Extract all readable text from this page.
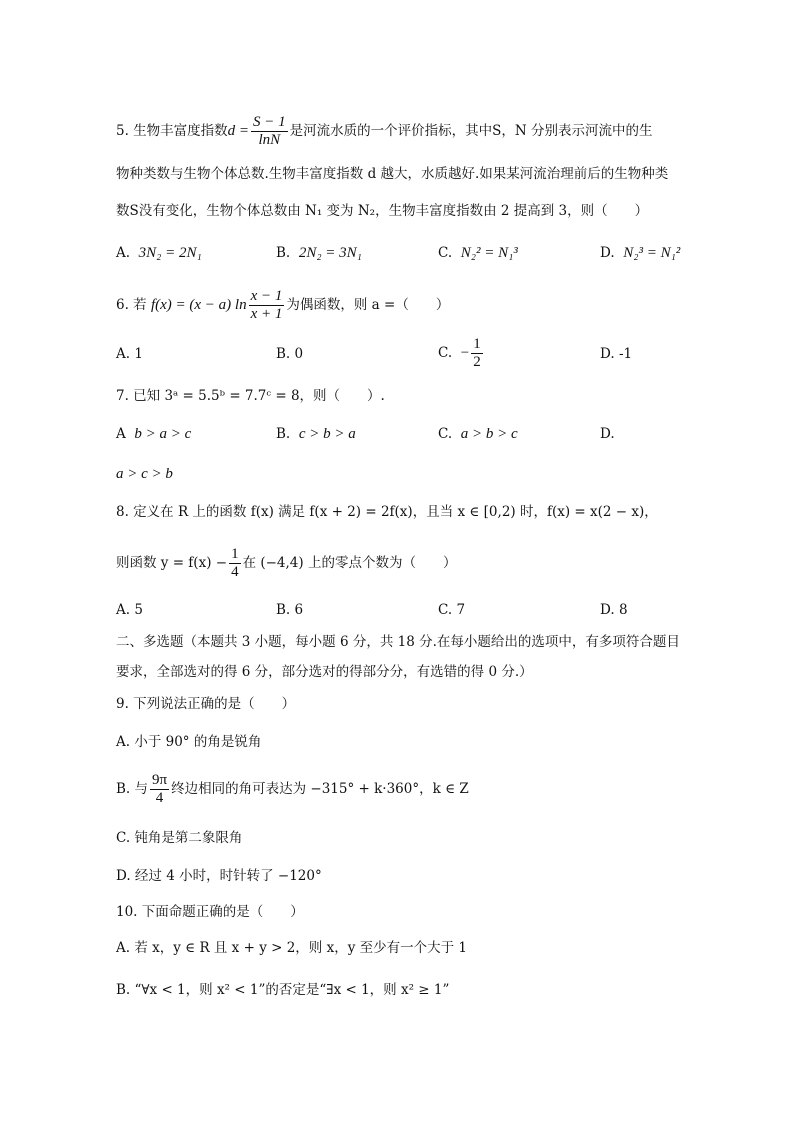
5. 生物丰富度指数$d = \frac{S - 1}{\ln N}$ 是河流水质的一个评价指标，其中S，N 分别表示河流中的生
物种类数与生物个体总数.生物丰富度指数 d 越大，水质越好.如果某河流治理前后的生物种类
数S没有变化，生物个体总数由 N₁ 变为 N₂，生物丰富度指数由 2 提高到 3，则（　　）
A. 3N₂ = 2N₁	B. 2N₂ = 3N₁	C. N₂² = N₁³	D. N₂³ = N₁²
6. 若 f(x) = (x − a) $\ln \frac{x - 1}{x + 1}$ 为偶函数，则 a =（　　）
A. 1	B. 0	C. − $\frac{1}{2}$	D. -1
7. 已知 3ᵃ = 5.5ᵇ = 7.7ᶜ = 8，则（　　）.
A b > a > c	B. c > b > a	C. a > b > c	D.
a > c > b
8. 定义在 R 上的函数 f(x) 满足 f(x + 2) = 2f(x)，且当 x ∈ [0,2) 时，f(x) = x(2 − x)，
则函数 $y = f(x) - \frac{1}{4}$ 在 (−4,4) 上的零点个数为（　　）
A. 5	B. 6	C. 7	D. 8
二、多选题（本题共 3 小题，每小题 6 分，共 18 分.在每小题给出的选项中，有多项符合题目
要求，全部选对的得 6 分，部分选对的得部分分，有选错的得 0 分.）
9. 下列说法正确的是（　　）
A. 小于 90° 的角是锐角
B. 与 $\frac{9\pi}{4}$ 终边相同的角可表达为 −315° + k·360°，k ∈ Z
C. 钝角是第二象限角
D. 经过 4 小时，时针转了 −120°
10. 下面命题正确的是（　　）
A. 若 x，y ∈ R 且 x + y > 2，则 x，y 至少有一个大于 1
B. “∀x < 1，则 x² < 1”的否定是“∃x < 1，则 x² ≥ 1”
